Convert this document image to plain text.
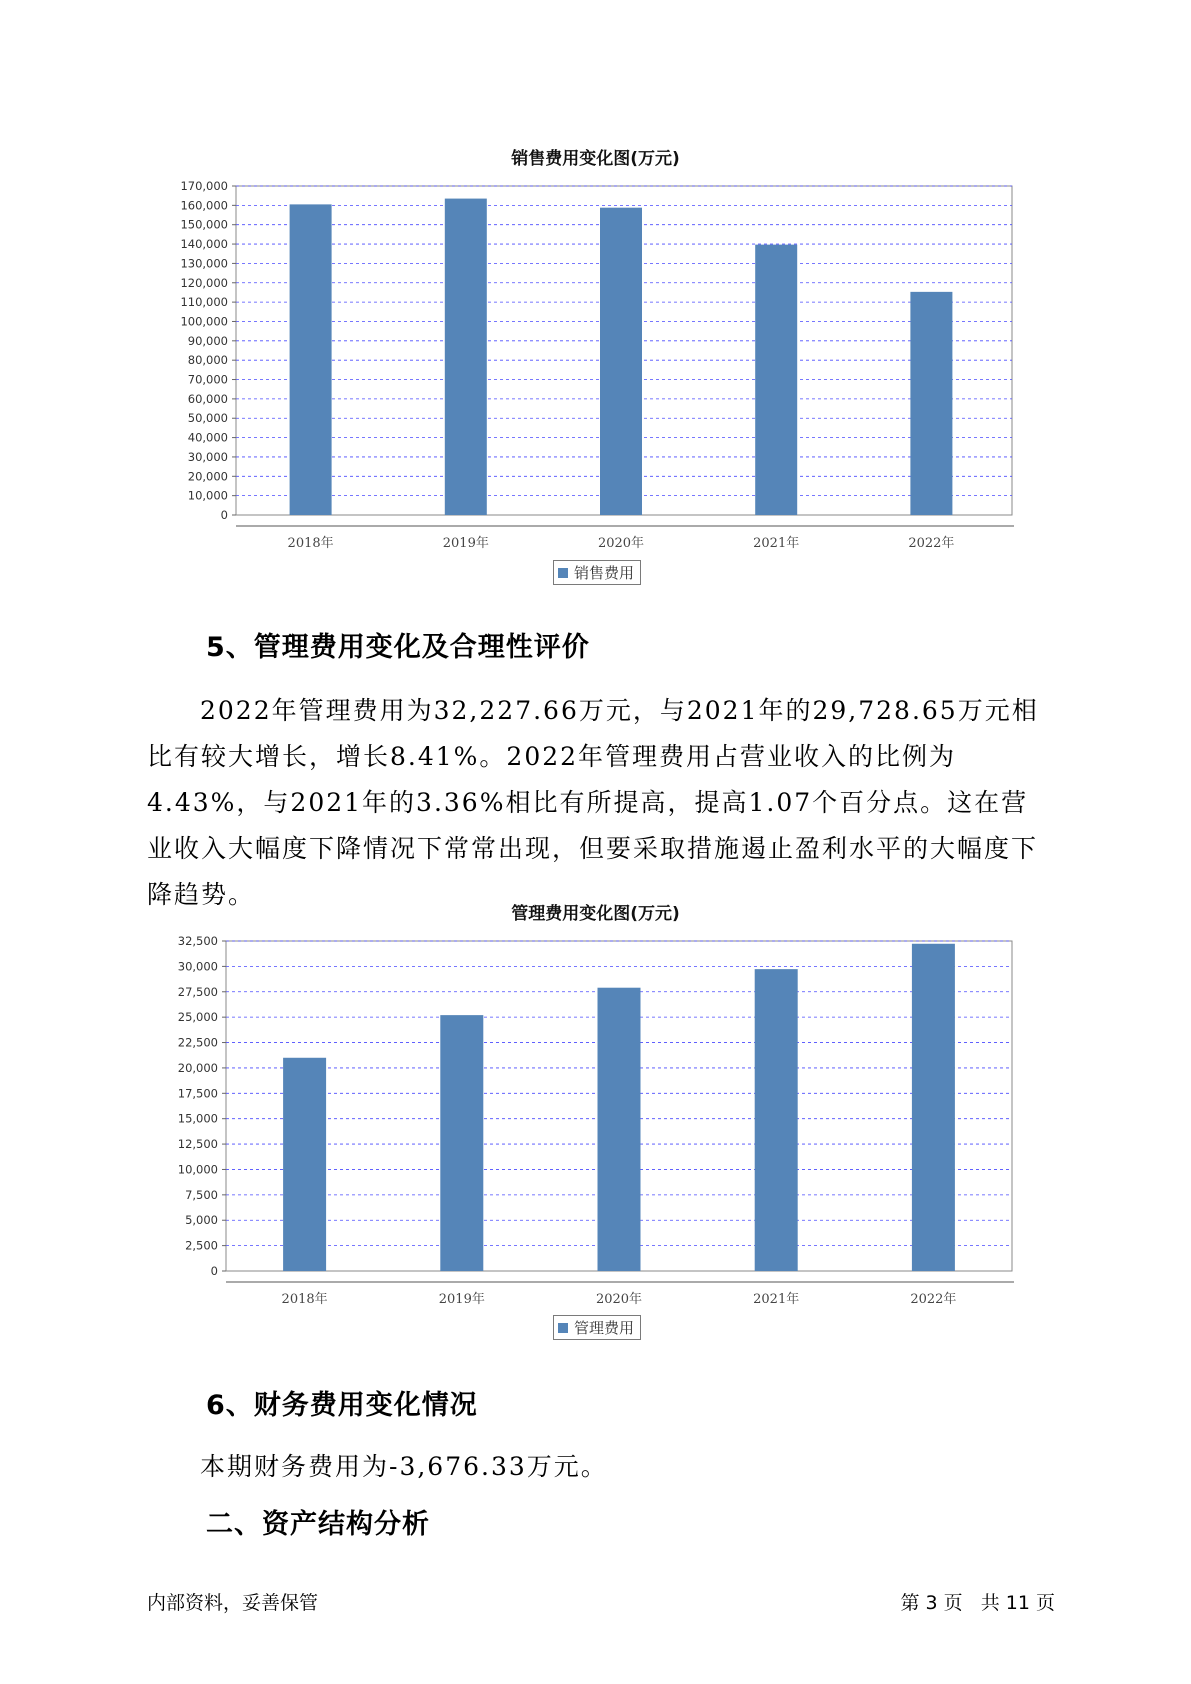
销售费用变化图(万元)
0
10,000
20,000
30,000
40,000
50,000
60,000
70,000
80,000
90,000
100,000
110,000
120,000
130,000
140,000
150,000
160,000
170,000
2018年	2019年	2020年	2021年	2022年
销售费用
5、管理费用变化及合理性评价

2022年管理费用为32,227.66万元，与2021年的29,728.65万元相比有较大增长，增长8.41%。2022年管理费用占营业收入的比例为4.43%，与2021年的3.36%相比有所提高，提高1.07个百分点。这在营业收入大幅度下降情况下常常出现，但要采取措施遏止盈利水平的大幅度下降趋势。

管理费用变化图(万元)
0
2,500
5,000
7,500
10,000
12,500
15,000
17,500
20,000
22,500
25,000
27,500
30,000
32,500
2018年	2019年	2020年	2021年	2022年
管理费用
6、财务费用变化情况
本期财务费用为-3,676.33万元。
二、资产结构分析
内部资料，妥善保管	第 3 页   共 11 页
